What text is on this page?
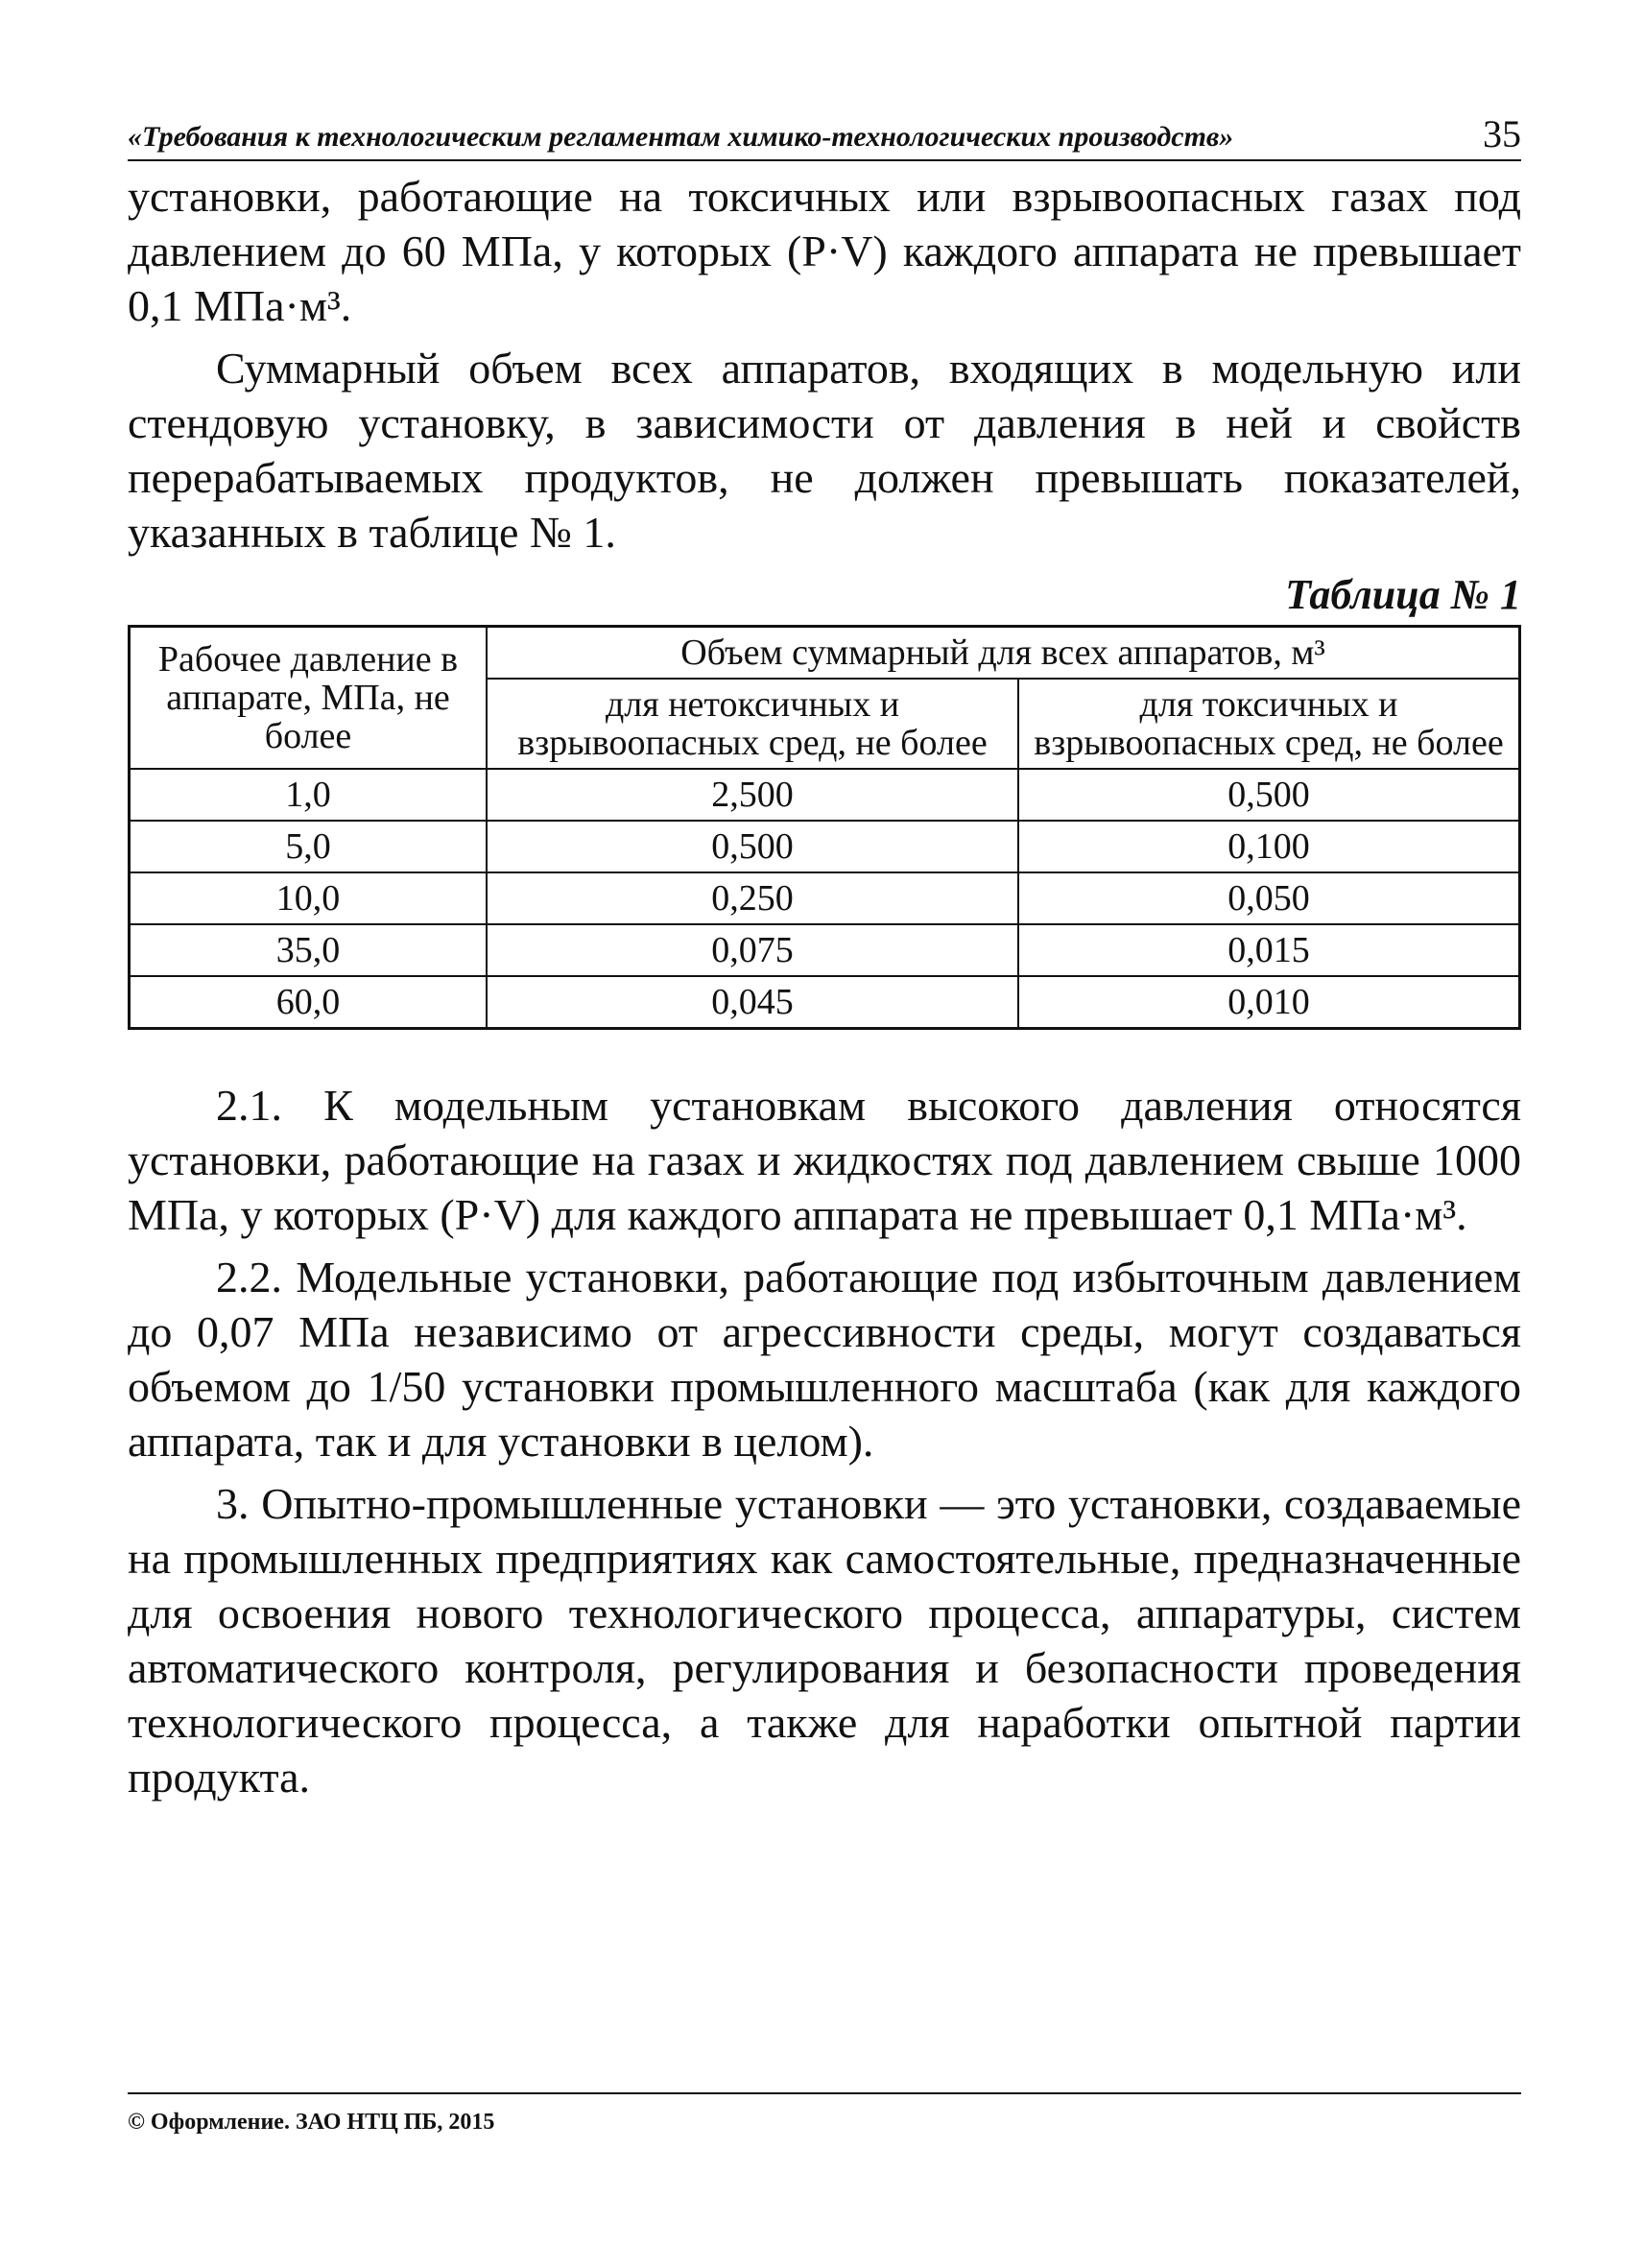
«Требования к технологическим регламентам химико-технологических производств»	35

установки, работающие на токсичных или взрывоопасных газах под давлением до 60 МПа, у которых (P·V) каждого аппарата не превышает 0,1 МПа·м³.

Суммарный объем всех аппаратов, входящих в модельную или стендовую установку, в зависимости от давления в ней и свойств перерабатываемых продуктов, не должен превышать показателей, указанных в таблице № 1.

Таблица № 1
Рабочее давление в аппарате, МПа, не более	Объем суммарный для всех аппаратов, м³	
	для нетоксичных и взрывоопасных сред, не более	для токсичных и взрывоопасных сред, не более
1,0	2,500	0,500
5,0	0,500	0,100
10,0	0,250	0,050
35,0	0,075	0,015
60,0	0,045	0,010

2.1. К модельным установкам высокого давления относятся установки, работающие на газах и жидкостях под давлением свыше 1000 МПа, у которых (P·V) для каждого аппарата не превышает 0,1 МПа·м³.

2.2. Модельные установки, работающие под избыточным давлением до 0,07 МПа независимо от агрессивности среды, могут создаваться объемом до 1/50 установки промышленного масштаба (как для каждого аппарата, так и для установки в целом).

3. Опытно-промышленные установки — это установки, создаваемые на промышленных предприятиях как самостоятельные, предназначенные для освоения нового технологического процесса, аппаратуры, систем автоматического контроля, регулирования и безопасности проведения технологического процесса, а также для наработки опытной партии продукта.

© Оформление. ЗАО НТЦ ПБ, 2015
